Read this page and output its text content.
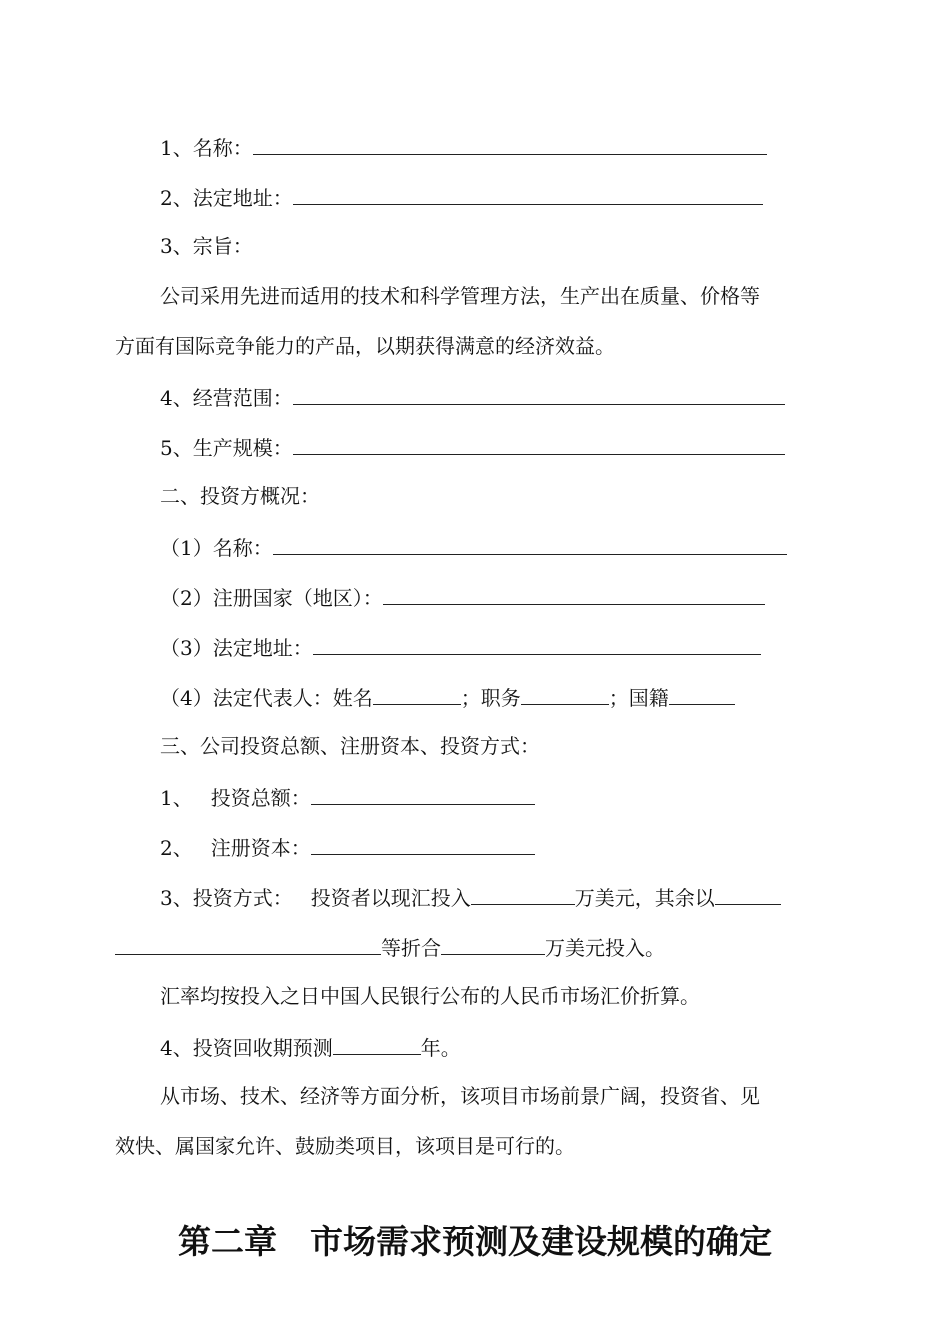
1、名称：

2、法定地址：

3、宗旨：

公司采用先进而适用的技术和科学管理方法，生产出在质量、价格等

方面有国际竞争能力的产品，以期获得满意的经济效益。

4、经营范围：

5、生产规模：

二、投资方概况：

（1）名称：

（2）注册国家（地区）：

（3）法定地址：

（4）法定代表人：姓名	；职务	；国籍

三、公司投资总额、注册资本、投资方式：

1、 投资总额：

2、 注册资本：

3、投资方式： 投资者以现汇投入	万美元，其余以

等折合	万美元投入。

汇率均按投入之日中国人民银行公布的人民币市场汇价折算。

4、投资回收期预测	年。

从市场、技术、经济等方面分析，该项目市场前景广阔，投资省、见

效快、属国家允许、鼓励类项目，该项目是可行的。

第二章　市场需求预测及建设规模的确定
